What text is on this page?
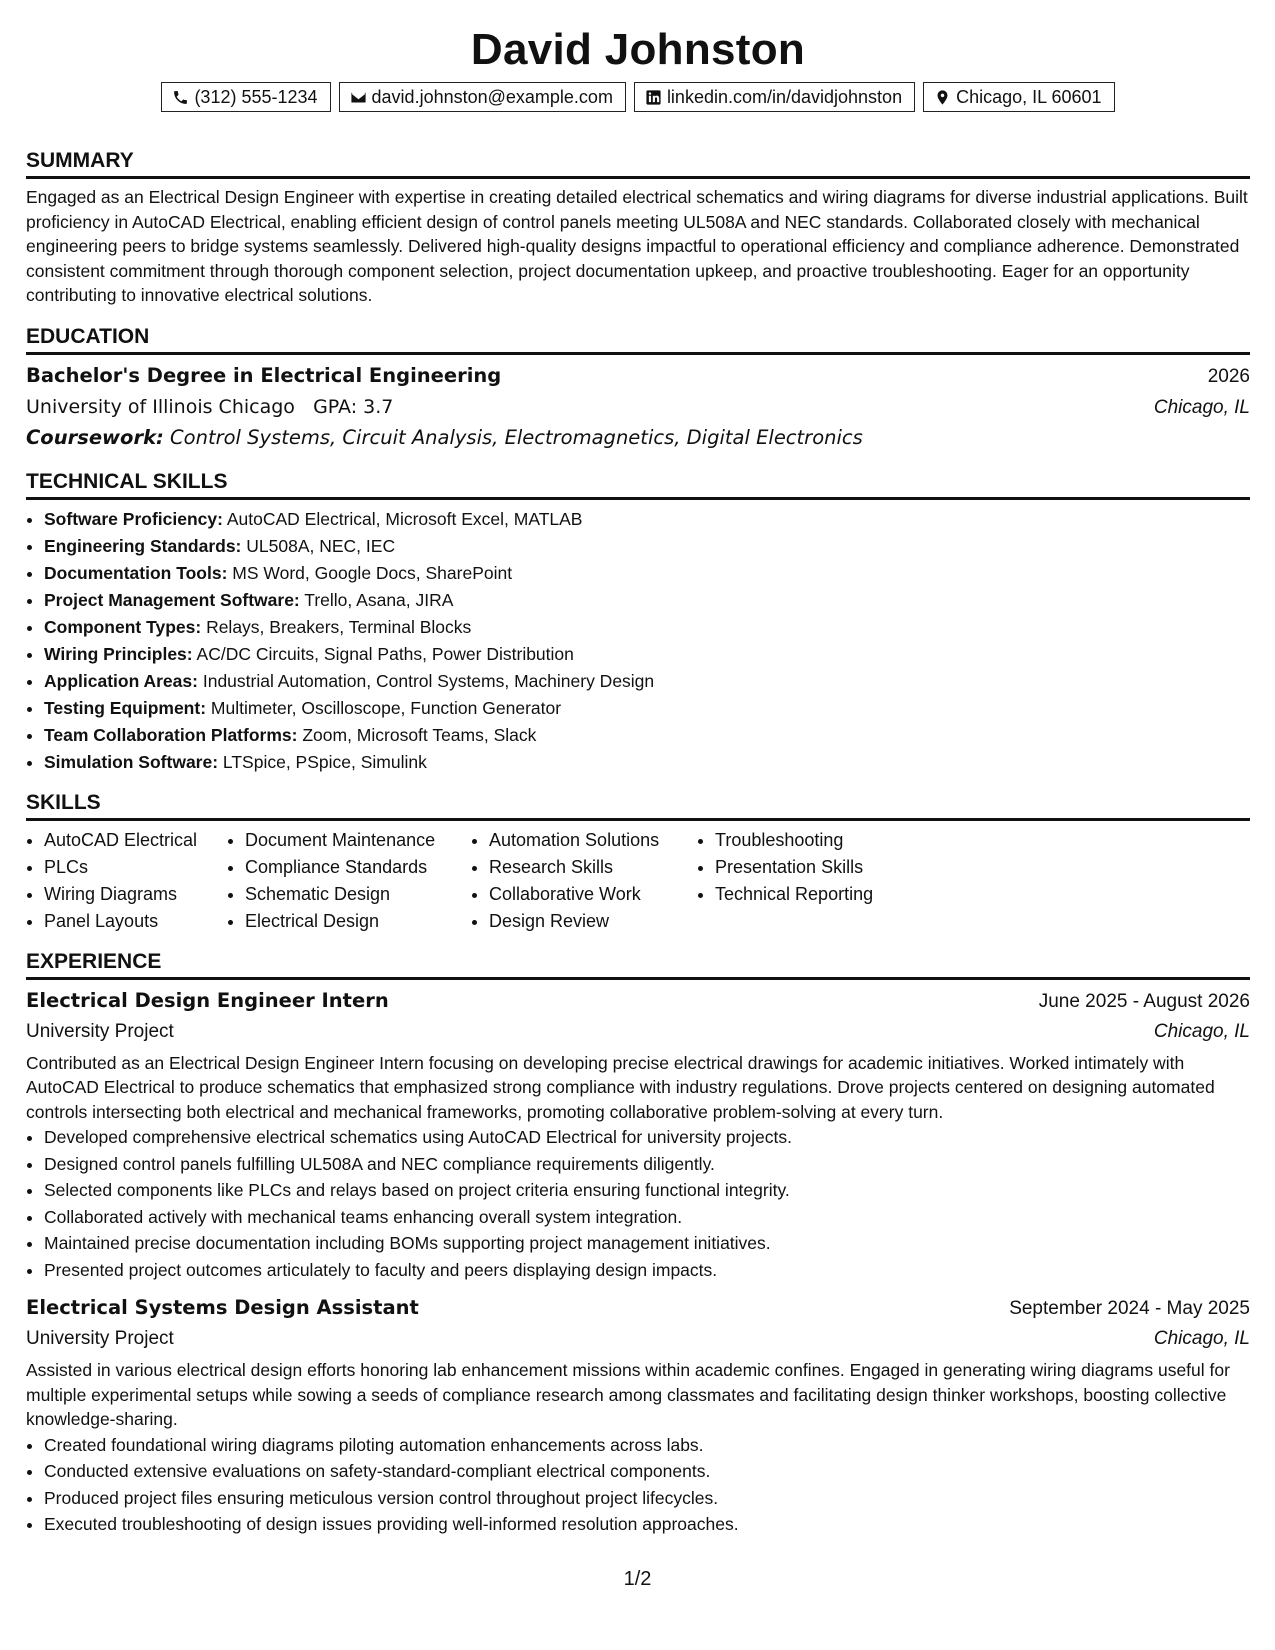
David Johnston
(312) 555-1234	david.johnston@example.com	linkedin.com/in/davidjohnston	Chicago, IL 60601
SUMMARY

Engaged as an Electrical Design Engineer with expertise in creating detailed electrical schematics and wiring diagrams for diverse industrial applications. Built proficiency in AutoCAD Electrical, enabling efficient design of control panels meeting UL508A and NEC standards. Collaborated closely with mechanical engineering peers to bridge systems seamlessly. Delivered high-quality designs impactful to operational efficiency and compliance adherence. Demonstrated consistent commitment through thorough component selection, project documentation upkeep, and proactive troubleshooting. Eager for an opportunity contributing to innovative electrical solutions.

EDUCATION
Bachelor's Degree in Electrical Engineering	2026
University of Illinois Chicago GPA: 3.7	Chicago, IL
Coursework: Control Systems, Circuit Analysis, Electromagnetics, Digital Electronics
TECHNICAL SKILLS
• Software Proficiency: AutoCAD Electrical, Microsoft Excel, MATLAB
• Engineering Standards: UL508A, NEC, IEC
• Documentation Tools: MS Word, Google Docs, SharePoint
• Project Management Software: Trello, Asana, JIRA
• Component Types: Relays, Breakers, Terminal Blocks
• Wiring Principles: AC/DC Circuits, Signal Paths, Power Distribution
• Application Areas: Industrial Automation, Control Systems, Machinery Design
• Testing Equipment: Multimeter, Oscilloscope, Function Generator
• Team Collaboration Platforms: Zoom, Microsoft Teams, Slack
• Simulation Software: LTSpice, PSpice, Simulink
SKILLS
• AutoCAD Electrical
• PLCs
• Wiring Diagrams
• Panel Layouts
• Document Maintenance
• Compliance Standards
• Schematic Design
• Electrical Design
• Automation Solutions
• Research Skills
• Collaborative Work
• Design Review
• Troubleshooting
• Presentation Skills
• Technical Reporting
EXPERIENCE
Electrical Design Engineer Intern	June 2025 - August 2026
University Project	Chicago, IL

Contributed as an Electrical Design Engineer Intern focusing on developing precise electrical drawings for academic initiatives. Worked intimately with AutoCAD Electrical to produce schematics that emphasized strong compliance with industry regulations. Drove projects centered on designing automated controls intersecting both electrical and mechanical frameworks, promoting collaborative problem-solving at every turn.

• Developed comprehensive electrical schematics using AutoCAD Electrical for university projects.
• Designed control panels fulfilling UL508A and NEC compliance requirements diligently.
• Selected components like PLCs and relays based on project criteria ensuring functional integrity.
• Collaborated actively with mechanical teams enhancing overall system integration.
• Maintained precise documentation including BOMs supporting project management initiatives.
• Presented project outcomes articulately to faculty and peers displaying design impacts.
Electrical Systems Design Assistant	September 2024 - May 2025
University Project	Chicago, IL

Assisted in various electrical design efforts honoring lab enhancement missions within academic confines. Engaged in generating wiring diagrams useful for multiple experimental setups while sowing a seeds of compliance research among classmates and facilitating design thinker workshops, boosting collective knowledge-sharing.

• Created foundational wiring diagrams piloting automation enhancements across labs.
• Conducted extensive evaluations on safety-standard-compliant electrical components.
• Produced project files ensuring meticulous version control throughout project lifecycles.
• Executed troubleshooting of design issues providing well-informed resolution approaches.
1/2
